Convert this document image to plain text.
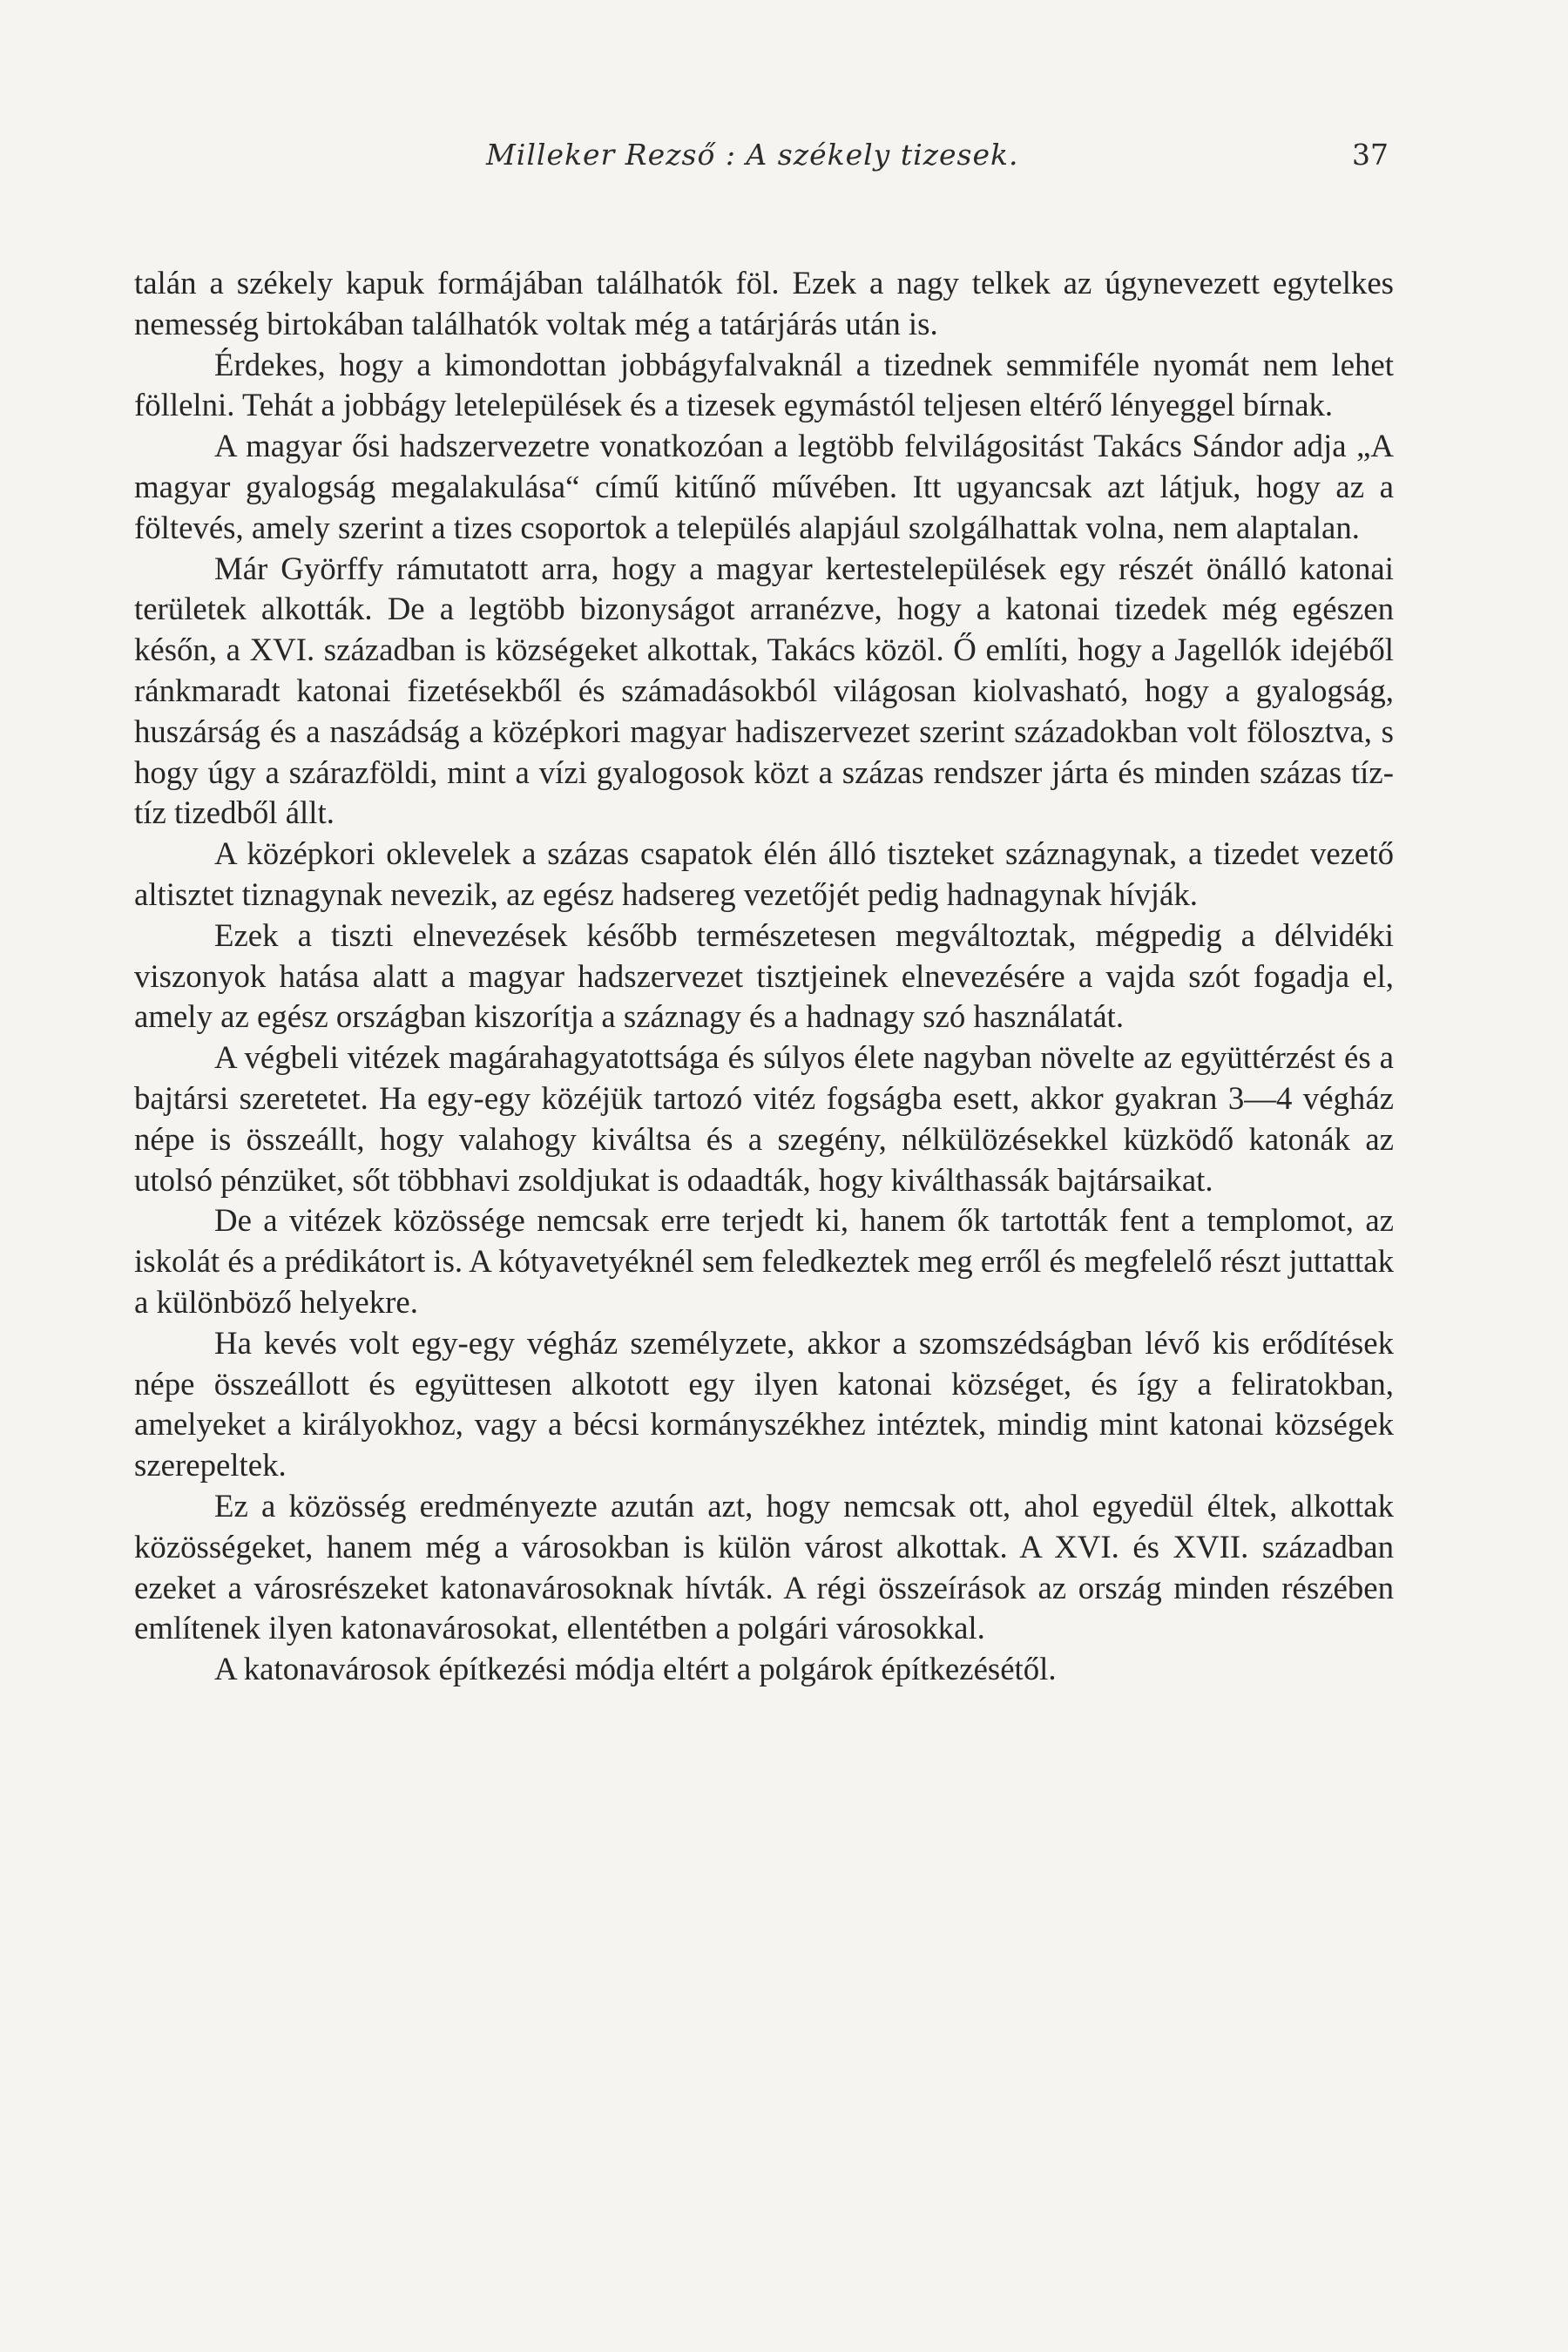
Milleker Rezső : A székely tizesek.	37

talán a székely kapuk formájában találhatók föl. Ezek a nagy telkek az úgynevezett egytelkes nemesség birtokában találhatók voltak még a tatárjárás után is.

Érdekes, hogy a kimondottan jobbágyfalvaknál a tizednek semmiféle nyomát nem lehet föllelni. Tehát a jobbágy letelepülések és a tizesek egymástól teljesen eltérő lényeggel bírnak.

A magyar ősi hadszervezetre vonatkozóan a legtöbb felvilágositást Takács Sándor adja „A magyar gyalogság megalakulása“ című kitűnő művében. Itt ugyancsak azt látjuk, hogy az a föltevés, amely szerint a tizes csoportok a település alapjául szolgálhattak volna, nem alaptalan.

Már Györffy rámutatott arra, hogy a magyar kertestelepülések egy részét önálló katonai területek alkották. De a legtöbb bizonyságot arranézve, hogy a katonai tizedek még egészen későn, a XVI. században is községeket alkottak, Takács közöl. Ő említi, hogy a Jagellók idejéből ránkmaradt katonai fizetésekből és számadásokból világosan kiolvasható, hogy a gyalogság, huszárság és a naszádság a középkori magyar hadiszervezet szerint századokban volt fölosztva, s hogy úgy a szárazföldi, mint a vízi gyalogosok közt a százas rendszer járta és minden százas tíz-tíz tizedből állt.

A középkori oklevelek a százas csapatok élén álló tiszteket száznagynak, a tizedet vezető altisztet tiznagynak nevezik, az egész hadsereg vezetőjét pedig hadnagynak hívják.

Ezek a tiszti elnevezések később természetesen megváltoztak, mégpedig a délvidéki viszonyok hatása alatt a magyar hadszervezet tisztjeinek elnevezésére a vajda szót fogadja el, amely az egész országban kiszorítja a száznagy és a hadnagy szó használatát.

A végbeli vitézek magárahagyatottsága és súlyos élete nagyban növelte az együttérzést és a bajtársi szeretetet. Ha egy-egy közéjük tartozó vitéz fogságba esett, akkor gyakran 3—4 végház népe is összeállt, hogy valahogy kiváltsa és a szegény, nélkülözésekkel küzködő katonák az utolsó pénzüket, sőt többhavi zsoldjukat is odaadták, hogy kiválthassák bajtársaikat.

De a vitézek közössége nemcsak erre terjedt ki, hanem ők tartották fent a templomot, az iskolát és a prédikátort is. A kótyavetyéknél sem feledkeztek meg erről és megfelelő részt juttattak a különböző helyekre.

Ha kevés volt egy-egy végház személyzete, akkor a szomszédságban lévő kis erődítések népe összeállott és együttesen alkotott egy ilyen katonai községet, és így a feliratokban, amelyeket a királyokhoz, vagy a bécsi kormányszékhez intéztek, mindig mint katonai községek szerepeltek.

Ez a közösség eredményezte azután azt, hogy nemcsak ott, ahol egyedül éltek, alkottak közösségeket, hanem még a városokban is külön várost alkottak. A XVI. és XVII. században ezeket a városrészeket katonavárosoknak hívták. A régi összeírások az ország minden részében említenek ilyen katonavárosokat, ellentétben a polgári városokkal.

A katonavárosok építkezési módja eltért a polgárok építkezésétől.
